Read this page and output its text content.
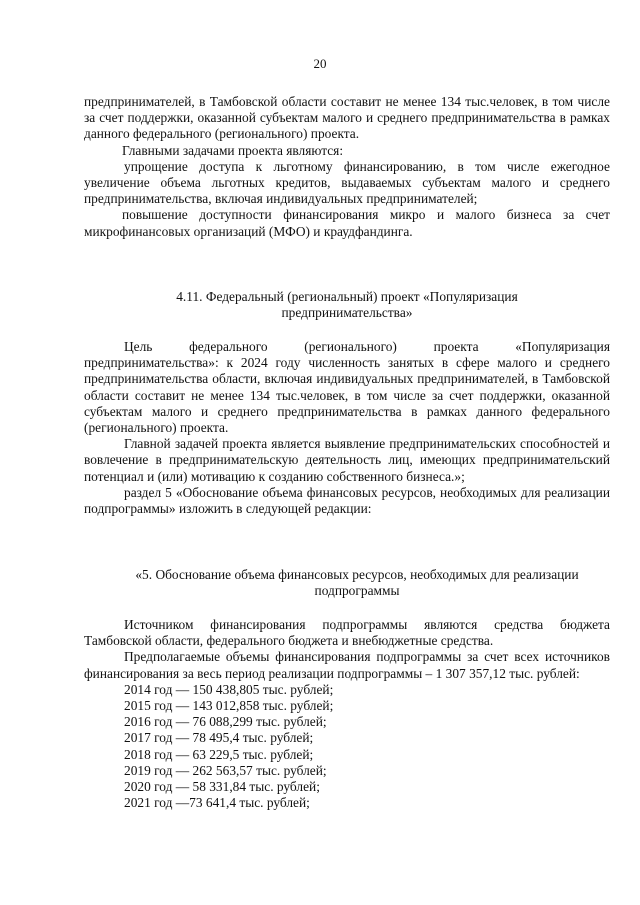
20

предпринимателей, в Тамбовской области составит не менее 134 тыс.человек, в том числе за счет поддержки, оказанной субъектам малого и среднего предпринимательства в рамках данного федерального (регионального) проекта.

Главными задачами проекта являются:

упрощение доступа к льготному финансированию, в том числе ежегодное увеличение объема льготных кредитов, выдаваемых субъектам малого и среднего предпринимательства, включая индивидуальных предпринимателей;

повышение доступности финансирования микро и малого бизнеса за счет микрофинансовых организаций (МФО) и краудфандинга.

4.11. Федеральный (региональный) проект «Популяризация предпринимательства»

Цель федерального (регионального) проекта «Популяризация предпринимательства»: к 2024 году численность занятых в сфере малого и среднего предпринимательства области, включая индивидуальных предпринимателей, в Тамбовской области составит не менее 134 тыс.человек, в том числе за счет поддержки, оказанной субъектам малого и среднего предпринимательства в рамках данного федерального (регионального) проекта.

Главной задачей проекта является выявление предпринимательских способностей и вовлечение в предпринимательскую деятельность лиц, имеющих предпринимательский потенциал и (или) мотивацию к созданию собственного бизнеса.»;

раздел 5 «Обоснование объема финансовых ресурсов, необходимых для реализации подпрограммы» изложить в следующей редакции:

«5. Обоснование объема финансовых ресурсов, необходимых для реализации подпрограммы

Источником финансирования подпрограммы являются средства бюджета Тамбовской области, федерального бюджета и внебюджетные средства.

Предполагаемые объемы финансирования подпрограммы за счет всех источников финансирования за весь период реализации подпрограммы – 1 307 357,12 тыс. рублей:

2014 год — 150 438,805 тыс. рублей;
2015 год — 143 012,858 тыс. рублей;
2016 год — 76 088,299 тыс. рублей;
2017 год — 78 495,4 тыс. рублей;
2018 год — 63 229,5 тыс. рублей;
2019 год — 262 563,57 тыс. рублей;
2020 год — 58 331,84 тыс. рублей;
2021 год —73 641,4 тыс. рублей;
